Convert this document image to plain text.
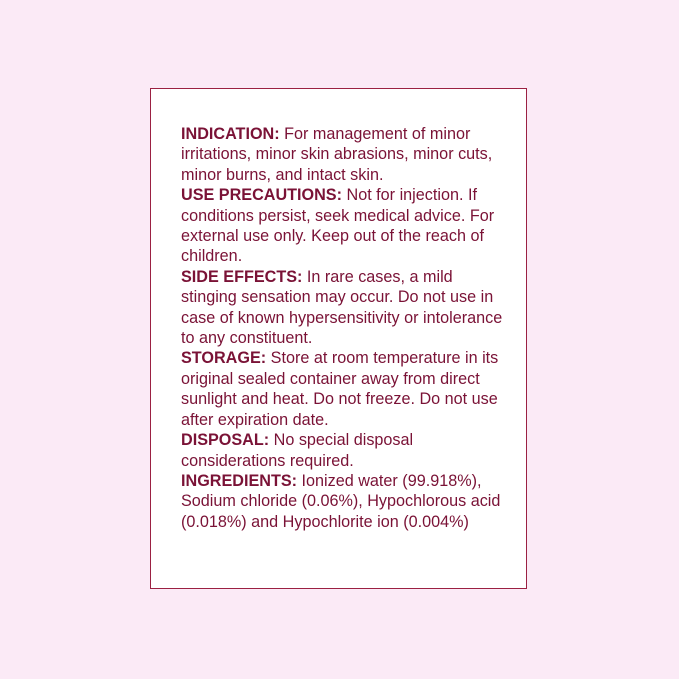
INDICATION: For management of minor irritations, minor skin abrasions, minor cuts, minor burns, and intact skin.

USE PRECAUTIONS: Not for injection. If conditions persist, seek medical advice. For external use only. Keep out of the reach of children.

SIDE EFFECTS: In rare cases, a mild stinging sensation may occur. Do not use in case of known hypersensitivity or intolerance to any constituent.

STORAGE: Store at room temperature in its original sealed container away from direct sunlight and heat. Do not freeze. Do not use after expiration date.

DISPOSAL: No special disposal considerations required.

INGREDIENTS: Ionized water (99.918%), Sodium chloride (0.06%), Hypochlorous acid (0.018%) and Hypochlorite ion (0.004%)
